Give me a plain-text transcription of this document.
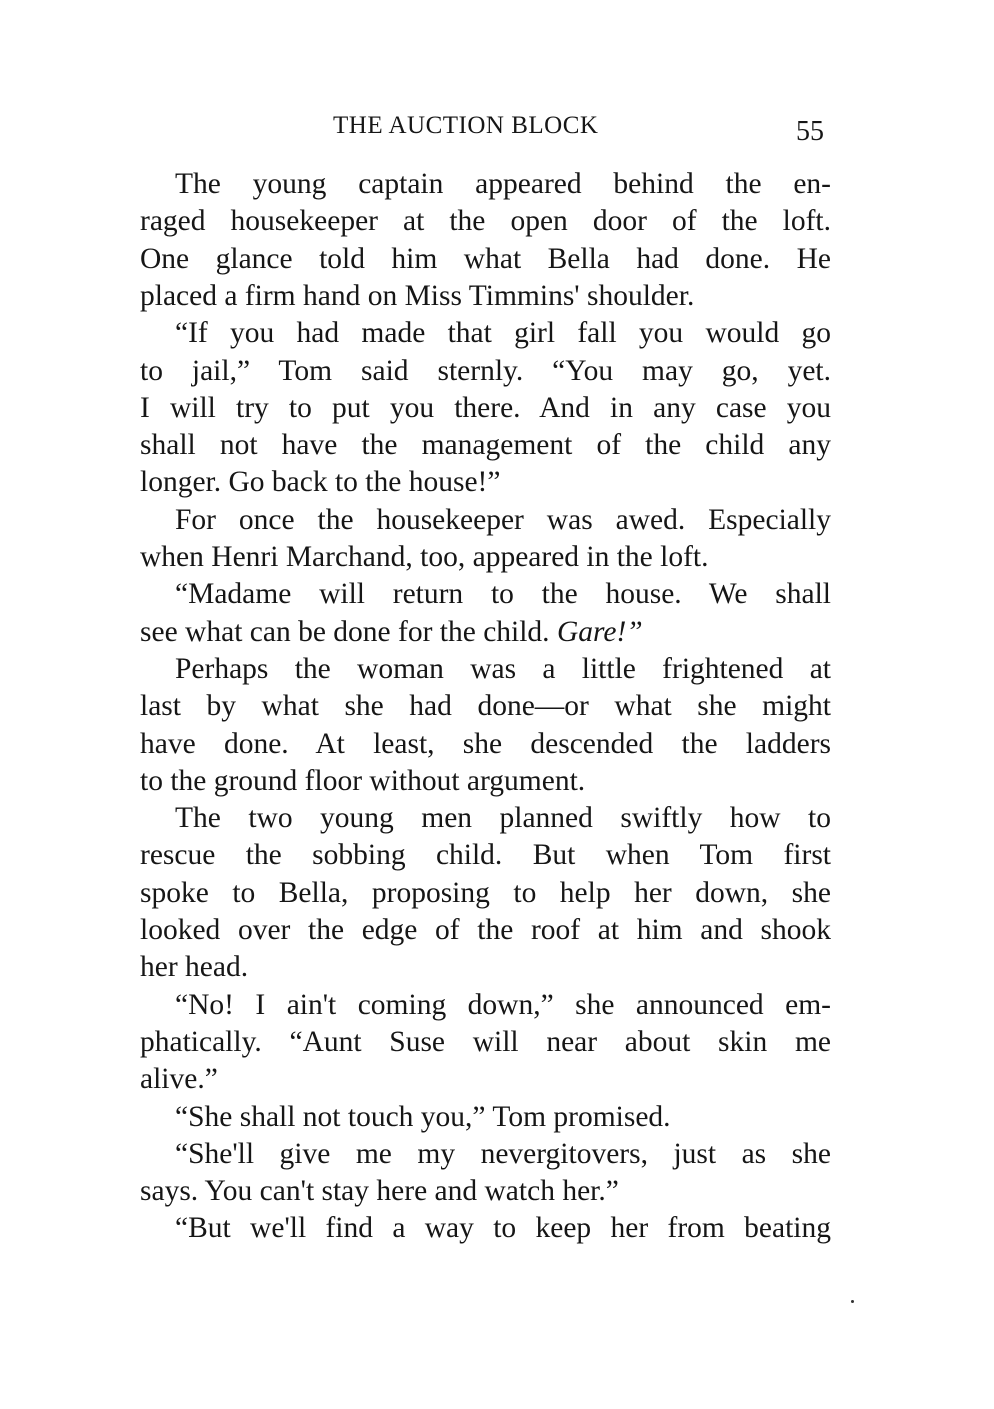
THE AUCTION BLOCK	55
The young captain appeared behind the en-
raged housekeeper at the open door of the loft.
One glance told him what Bella had done. He
placed a firm hand on Miss Timmins' shoulder.
“If you had made that girl fall you would go
to jail,” Tom said sternly. “You may go, yet.
I will try to put you there. And in any case you
shall not have the management of the child any
longer. Go back to the house!”
For once the housekeeper was awed. Especially
when Henri Marchand, too, appeared in the loft.
“Madame will return to the house. We shall
see what can be done for the child. Gare!”
Perhaps the woman was a little frightened at
last by what she had done—or what she might
have done. At least, she descended the ladders
to the ground floor without argument.
The two young men planned swiftly how to
rescue the sobbing child. But when Tom first
spoke to Bella, proposing to help her down, she
looked over the edge of the roof at him and shook
her head.
“No! I ain't coming down,” she announced em-
phatically. “Aunt Suse will near about skin me
alive.”
“She shall not touch you,” Tom promised.
“She'll give me my nevergitovers, just as she
says. You can't stay here and watch her.”
“But we'll find a way to keep her from beating
